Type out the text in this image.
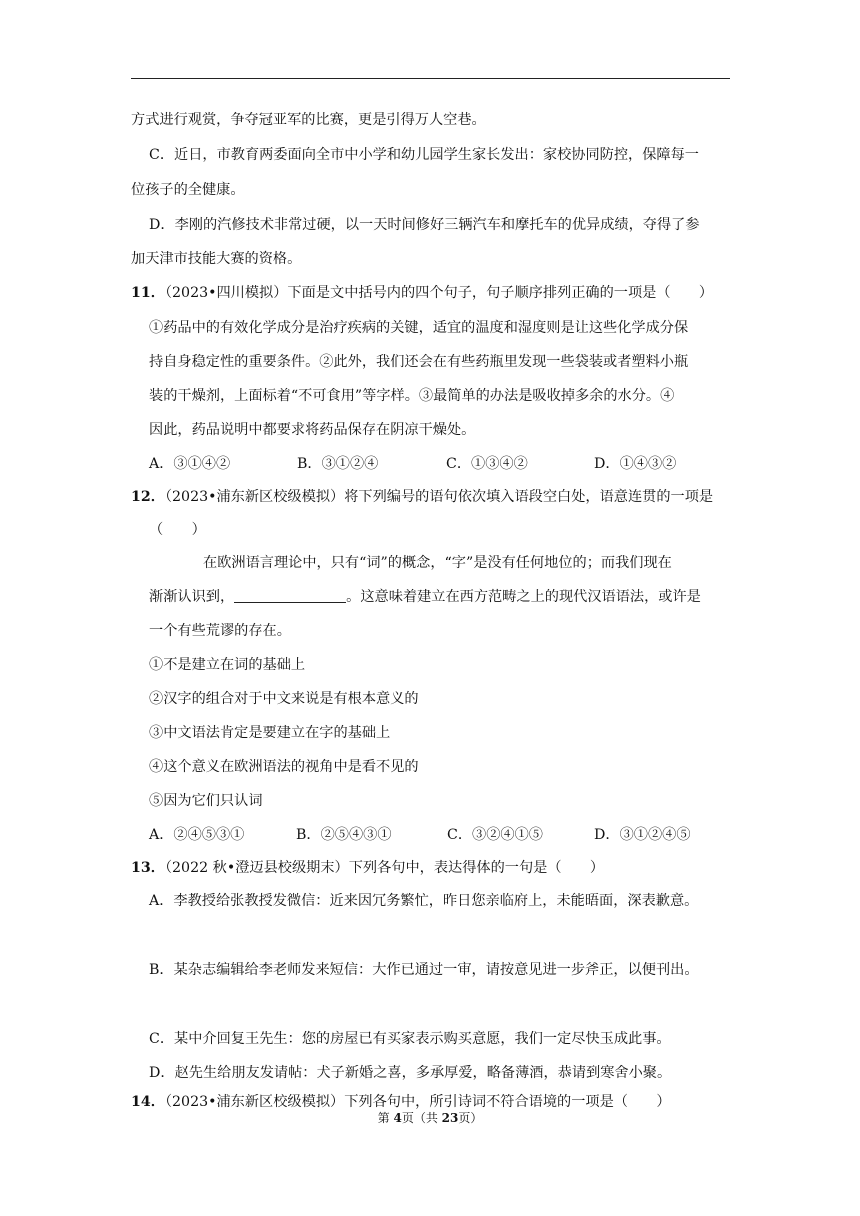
方式进行观赏，争夺冠亚军的比赛，更是引得万人空巷。
C．近日，市教育两委面向全市中小学和幼儿园学生家长发出：家校协同防控，保障每一
位孩子的全健康。
D．李刚的汽修技术非常过硬，以一天时间修好三辆汽车和摩托车的优异成绩，夺得了参
加天津市技能大赛的资格。
11．（2023•四川模拟）下面是文中括号内的四个句子，句子顺序排列正确的一项是（　　）
①药品中的有效化学成分是治疗疾病的关键，适宜的温度和湿度则是让这些化学成分保
持自身稳定性的重要条件。②此外，我们还会在有些药瓶里发现一些袋装或者塑料小瓶
装的干燥剂，上面标着“不可食用”等字样。③最简单的办法是吸收掉多余的水分。④
因此，药品说明中都要求将药品保存在阴凉干燥处。
A．③①④②	B．③①②④	C．①③④②	D．①④③②
12．（2023•浦东新区校级模拟）将下列编号的语句依次填入语段空白处，语意连贯的一项是
（　　）
在欧洲语言理论中，只有“词”的概念，“字”是没有任何地位的；而我们现在
渐渐认识到，	。这意味着建立在西方范畴之上的现代汉语语法，或许是
一个有些荒谬的存在。
①不是建立在词的基础上
②汉字的组合对于中文来说是有根本意义的
③中文语法肯定是要建立在字的基础上
④这个意义在欧洲语法的视角中是看不见的
⑤因为它们只认词
A．②④⑤③①	B．②⑤④③①	C．③②④①⑤	D．③①②④⑤
13．（2022 秋•澄迈县校级期末）下列各句中，表达得体的一句是（　　）
A．李教授给张教授发微信：近来因冗务繁忙，昨日您亲临府上，未能晤面，深表歉意。
B．某杂志编辑给李老师发来短信：大作已通过一审，请按意见进一步斧正，以便刊出。
C．某中介回复王先生：您的房屋已有买家表示购买意愿，我们一定尽快玉成此事。
D．赵先生给朋友发请帖：犬子新婚之喜，多承厚爱，略备薄酒，恭请到寒舍小聚。
14．（2023•浦东新区校级模拟）下列各句中，所引诗词不符合语境的一项是（　　）
第 4页（共 23页）
